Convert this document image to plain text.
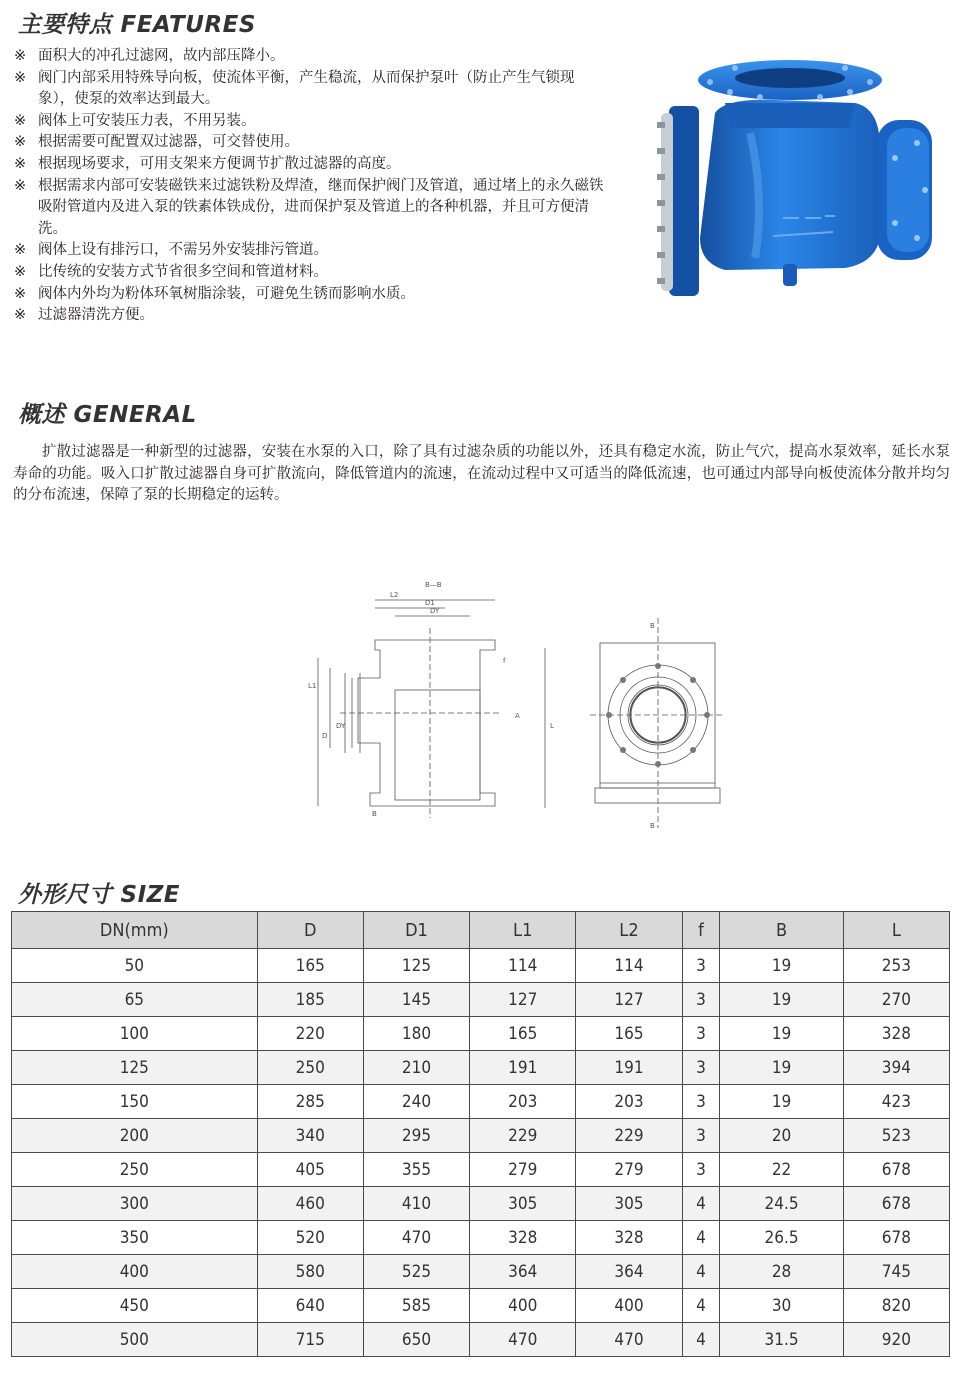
主要特点 FEATURES
※ 面积大的冲孔过滤网，故内部压降小。
※ 阀门内部采用特殊导向板，使流体平衡，产生稳流，从而保护泵叶（防止产生气锁现象），使泵的效率达到最大。
※ 阀体上可安装压力表，不用另装。
※ 根据需要可配置双过滤器，可交替使用。
※ 根据现场要求，可用支架来方便调节扩散过滤器的高度。
※ 根据需求内部可安装磁铁来过滤铁粉及焊渣，继而保护阀门及管道，通过堵上的永久磁铁吸附管道内及进入泵的铁素体铁成份，进而保护泵及管道上的各种机器，并且可方便清洗。
※ 阀体上设有排污口，不需另外安装排污管道。
※ 比传统的安装方式节省很多空间和管道材料。
※ 阀体内外均为粉体环氧树脂涂装，可避免生锈而影响水质。
※ 过滤器清洗方便。
概述 GENERAL

扩散过滤器是一种新型的过滤器，安装在水泵的入口，除了具有过滤杂质的功能以外，还具有稳定水流，防止气穴，提高水泵效率，延长水泵寿命的功能。吸入口扩散过滤器自身可扩散流向，降低管道内的流速，在流动过程中又可适当的降低流速，也可通过内部导向板使流体分散并均匀的分布流速，保障了泵的长期稳定的运转。

B—B
L2
D1
DY
L1
D
DY	L
A
f
B
B
B
外形尺寸 SIZE
DN(mm)	D	D1	L1	L2	f	B	L
50	165	125	114	114	3	19	253
65	185	145	127	127	3	19	270
100	220	180	165	165	3	19	328
125	250	210	191	191	3	19	394
150	285	240	203	203	3	19	423
200	340	295	229	229	3	20	523
250	405	355	279	279	3	22	678
300	460	410	305	305	4	24.5	678
350	520	470	328	328	4	26.5	678
400	580	525	364	364	4	28	745
450	640	585	400	400	4	30	820
500	715	650	470	470	4	31.5	920
